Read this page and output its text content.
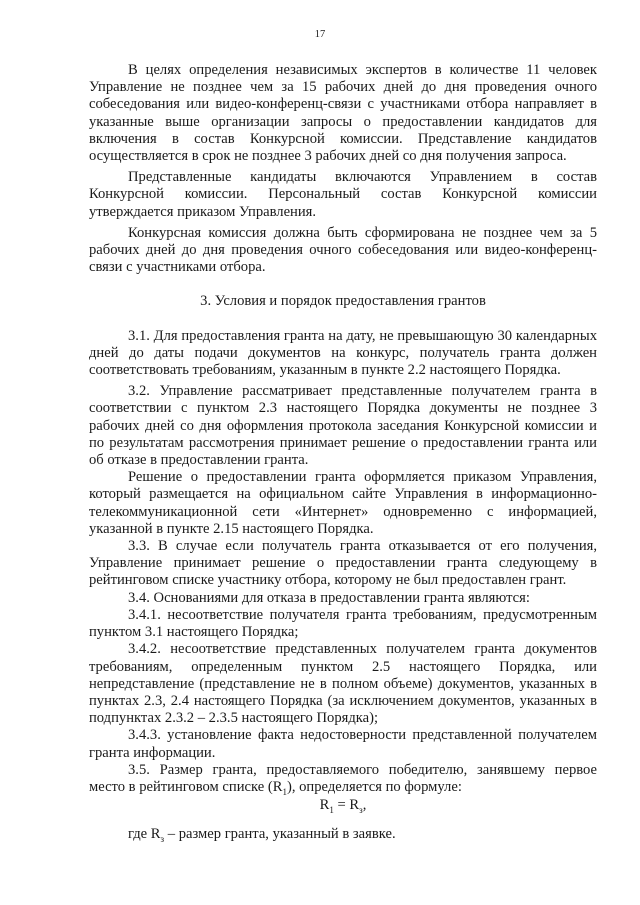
17

В целях определения независимых экспертов в количестве 11 человек Управление не позднее чем за 15 рабочих дней до дня проведения очного собеседования или видео-конференц-связи с участниками отбора направляет в указанные выше организации запросы о предоставлении кандидатов для включения в состав Конкурсной комиссии. Представление кандидатов осуществляется в срок не позднее 3 рабочих дней со дня получения запроса.

Представленные кандидаты включаются Управлением в состав Конкурсной комиссии. Персональный состав Конкурсной комиссии утверждается приказом Управления.

Конкурсная комиссия должна быть сформирована не позднее чем за 5 рабочих дней до дня проведения очного собеседования или видео-конференц-связи с участниками отбора.

3. Условия и порядок предоставления грантов

3.1. Для предоставления гранта на дату, не превышающую 30 календарных дней до даты подачи документов на конкурс, получатель гранта должен соответствовать требованиям, указанным в пункте 2.2 настоящего Порядка.

3.2. Управление рассматривает представленные получателем гранта в соответствии с пунктом 2.3 настоящего Порядка документы не позднее 3 рабочих дней со дня оформления протокола заседания Конкурсной комиссии и по результатам рассмотрения принимает решение о предоставлении гранта или об отказе в предоставлении гранта.

Решение о предоставлении гранта оформляется приказом Управления, который размещается на официальном сайте Управления в информационно-телекоммуникационной сети «Интернет» одновременно с информацией, указанной в пункте 2.15 настоящего Порядка.

3.3. В случае если получатель гранта отказывается от его получения, Управление принимает решение о предоставлении гранта следующему в рейтинговом списке участнику отбора, которому не был предоставлен грант.

3.4. Основаниями для отказа в предоставлении гранта являются:

3.4.1. несоответствие получателя гранта требованиям, предусмотренным пунктом 3.1 настоящего Порядка;

3.4.2. несоответствие представленных получателем гранта документов требованиям, определенным пунктом 2.5 настоящего Порядка, или непредставление (представление не в полном объеме) документов, указанных в пунктах 2.3, 2.4 настоящего Порядка (за исключением документов, указанных в подпунктах 2.3.2 – 2.3.5 настоящего Порядка);

3.4.3. установление факта недостоверности представленной получателем гранта информации.

3.5. Размер гранта, предоставляемого победителю, занявшему первое место в рейтинговом списке $(R_1)$, определяется по формуле:

$R_1 = R_з$,

где $R_з$ – размер гранта, указанный в заявке.
